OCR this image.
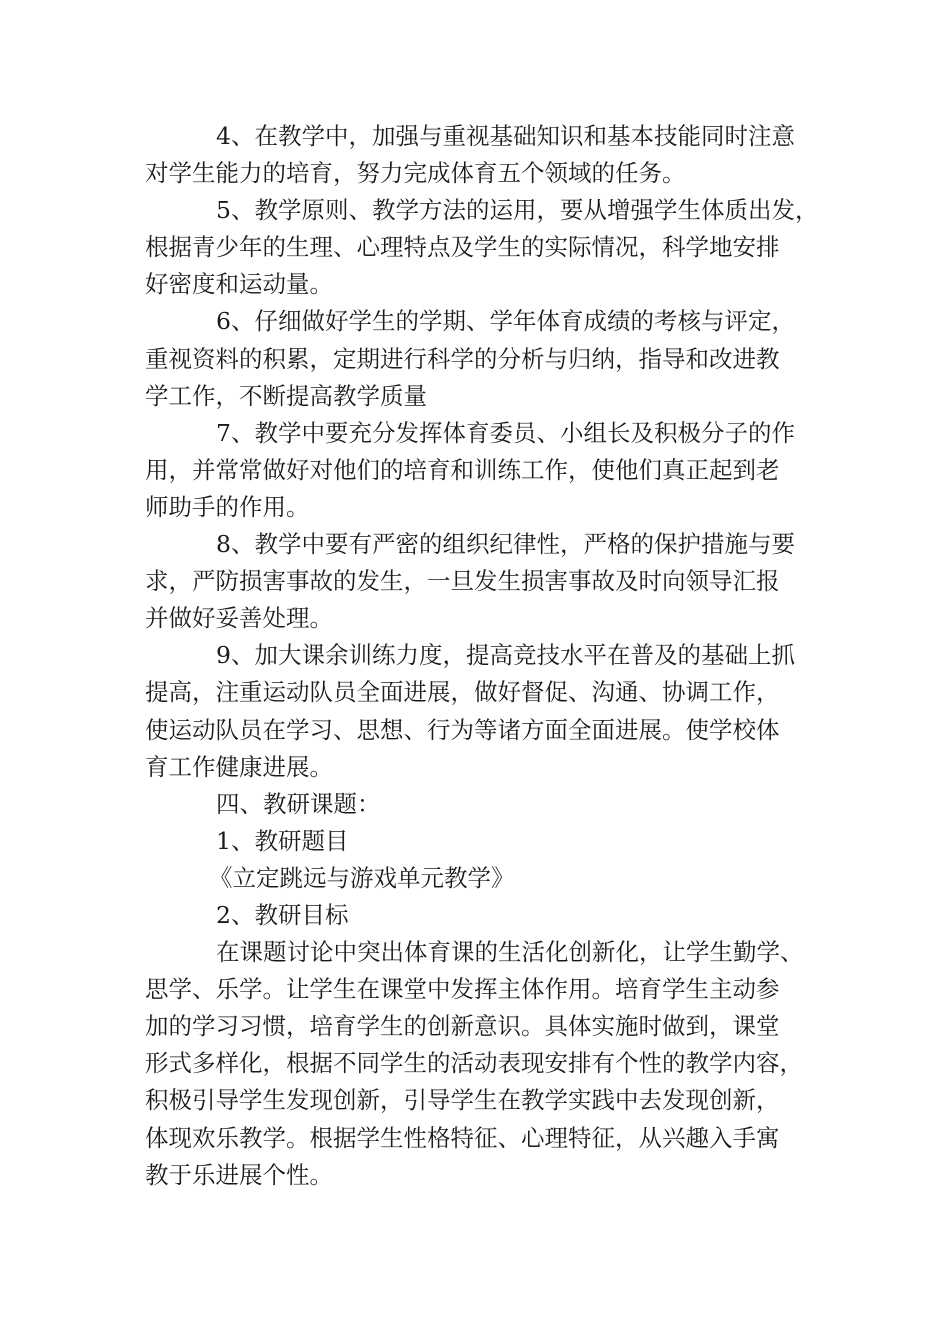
4、在教学中，加强与重视基础知识和基本技能同时注意
对学生能力的培育，努力完成体育五个领域的任务。
5、教学原则、教学方法的运用，要从增强学生体质出发，
根据青少年的生理、心理特点及学生的实际情况，科学地安排
好密度和运动量。
6、仔细做好学生的学期、学年体育成绩的考核与评定，
重视资料的积累，定期进行科学的分析与归纳，指导和改进教
学工作，不断提高教学质量
7、教学中要充分发挥体育委员、小组长及积极分子的作
用，并常常做好对他们的培育和训练工作，使他们真正起到老
师助手的作用。
8、教学中要有严密的组织纪律性，严格的保护措施与要
求，严防损害事故的发生，一旦发生损害事故及时向领导汇报
并做好妥善处理。
9、加大课余训练力度，提高竞技水平在普及的基础上抓
提高，注重运动队员全面进展，做好督促、沟通、协调工作，
使运动队员在学习、思想、行为等诸方面全面进展。使学校体
育工作健康进展。
四、教研课题：
1、教研题目
《立定跳远与游戏单元教学》
2、教研目标
在课题讨论中突出体育课的生活化创新化，让学生勤学、
思学、乐学。让学生在课堂中发挥主体作用。培育学生主动参
加的学习习惯，培育学生的创新意识。具体实施时做到，课堂
形式多样化，根据不同学生的活动表现安排有个性的教学内容，
积极引导学生发现创新，引导学生在教学实践中去发现创新，
体现欢乐教学。根据学生性格特征、心理特征，从兴趣入手寓
教于乐进展个性。
